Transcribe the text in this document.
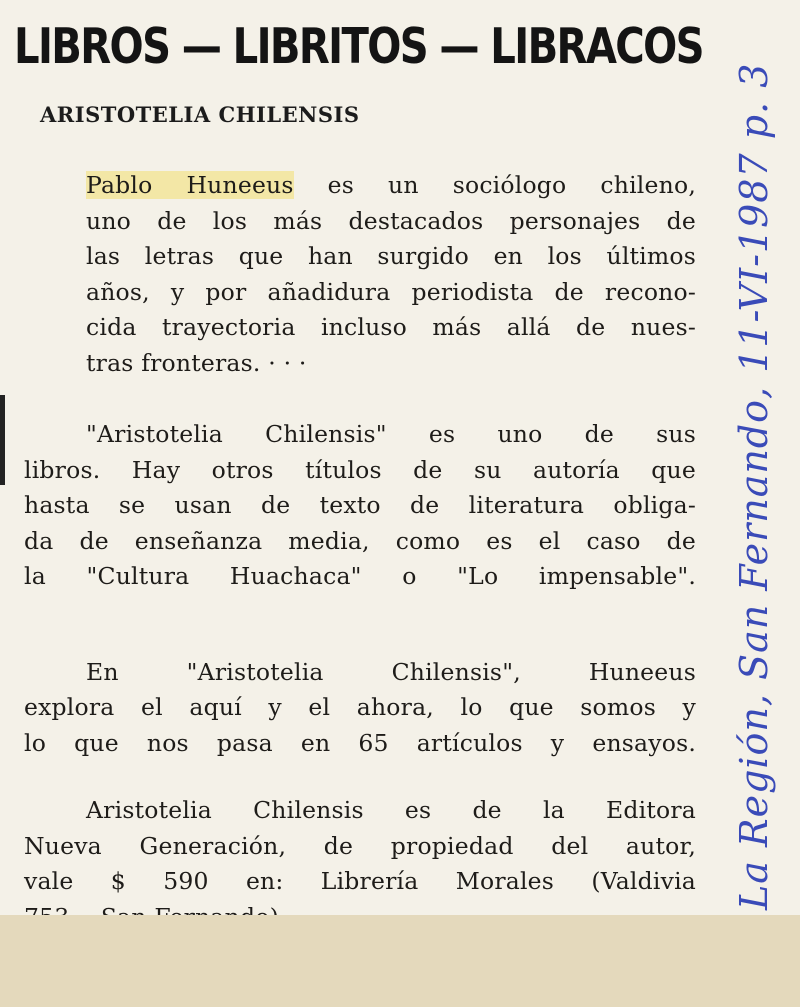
LIBROS — LIBRITOS — LIBRACOS
ARISTOTELIA CHILENSIS

Pablo Huneeus es un sociólogo chileno,
uno de los más destacados personajes de
las letras que han surgido en los últimos
años, y por añadidura periodista de recono-
cida trayectoria incluso más allá de nues-
tras fronteras. · · ·

"Aristotelia Chilensis" es uno de sus
libros. Hay otros títulos de su autoría que
hasta se usan de texto de literatura obliga-
da de enseñanza media, como es el caso de
la "Cultura Huachaca" o "Lo impensable".

En "Aristotelia Chilensis", Huneeus
explora el aquí y el ahora, lo que somos y
lo que nos pasa en 65 artículos y ensayos.

Aristotelia Chilensis es de la Editora
Nueva Generación, de propiedad del autor,
vale $ 590 en: Librería Morales (Valdivia La Región, San Fernando, 11-VI-1987 p. 3
